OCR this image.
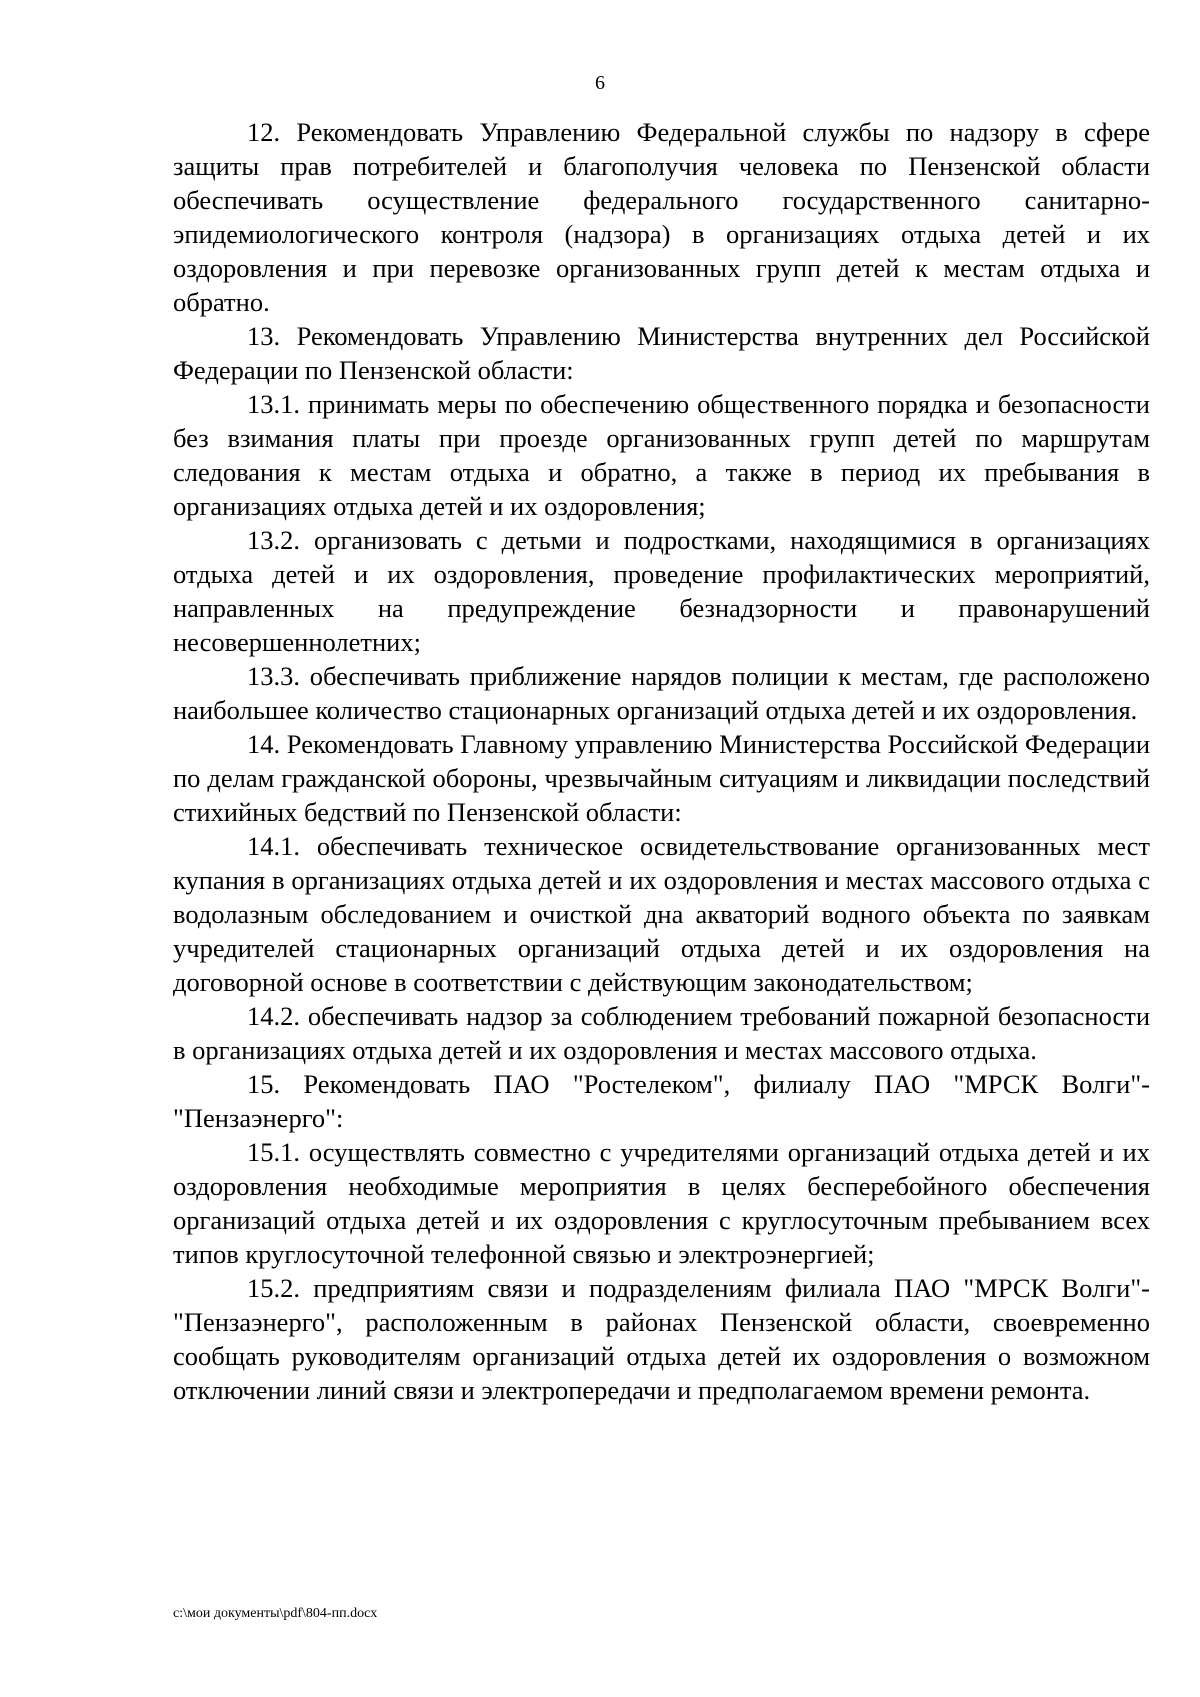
6

12. Рекомендовать Управлению Федеральной службы по надзору в сфере защиты прав потребителей и благополучия человека по Пензенской области обеспечивать осуществление федерального государственного санитарно-эпидемиологического контроля (надзора) в организациях отдыха детей и их оздоровления и при перевозке организованных групп детей к местам отдыха и обратно.

13. Рекомендовать Управлению Министерства внутренних дел Российской Федерации по Пензенской области:

13.1. принимать меры по обеспечению общественного порядка и безопасности без взимания платы при проезде организованных групп детей по маршрутам следования к местам отдыха и обратно, а также в период их пребывания в организациях отдыха детей и их оздоровления;

13.2. организовать с детьми и подростками, находящимися в организациях отдыха детей и их оздоровления, проведение профилактических мероприятий, направленных на предупреждение безнадзорности и правонарушений несовершеннолетних;

13.3. обеспечивать приближение нарядов полиции к местам, где расположено наибольшее количество стационарных организаций отдыха детей и их оздоровления.

14. Рекомендовать Главному управлению Министерства Российской Федерации по делам гражданской обороны, чрезвычайным ситуациям и ликвидации последствий стихийных бедствий по Пензенской области:

14.1. обеспечивать техническое освидетельствование организованных мест купания в организациях отдыха детей и их оздоровления и местах массового отдыха с водолазным обследованием и очисткой дна акваторий водного объекта по заявкам учредителей стационарных организаций отдыха детей и их оздоровления на договорной основе в соответствии с действующим законодательством;

14.2. обеспечивать надзор за соблюдением требований пожарной безопасности в организациях отдыха детей и их оздоровления и местах массового отдыха.

15. Рекомендовать ПАО "Ростелеком", филиалу ПАО "МРСК Волги"-"Пензаэнерго":

15.1. осуществлять совместно с учредителями организаций отдыха детей и их оздоровления необходимые мероприятия в целях бесперебойного обеспечения организаций отдыха детей и их оздоровления с круглосуточным пребыванием всех типов круглосуточной телефонной связью и электроэнергией;

15.2. предприятиям связи и подразделениям филиала ПАО "МРСК Волги"-"Пензаэнерго", расположенным в районах Пензенской области, своевременно сообщать руководителям организаций отдыха детей их оздоровления о возможном отключении линий связи и электропередачи и предполагаемом времени ремонта.

c:\мои документы\pdf\804-пп.docx
